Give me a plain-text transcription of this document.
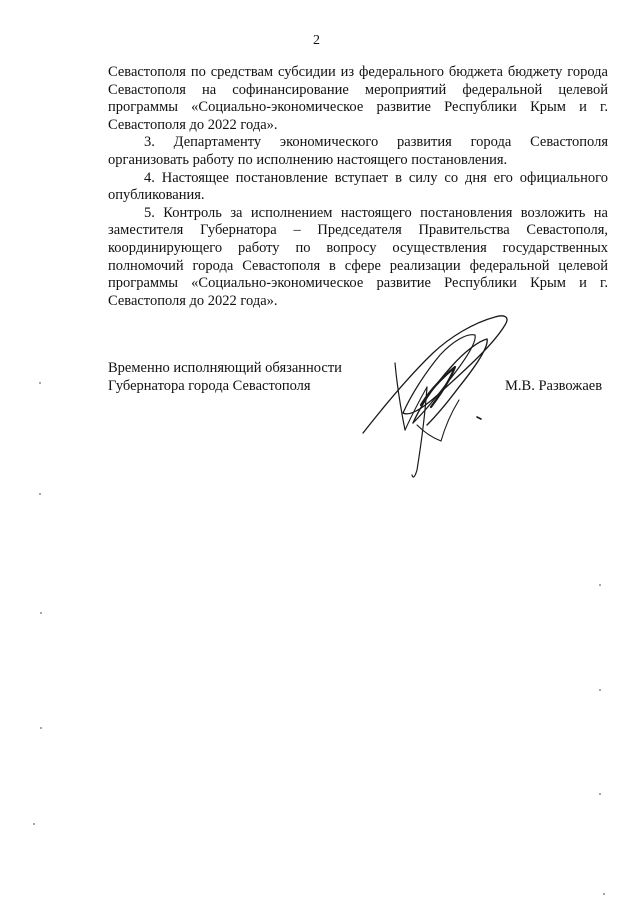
2

Севастополя по средствам субсидии из федерального бюджета бюджету города Севастополя на софинансирование мероприятий федеральной целевой программы «Социально-экономическое развитие Республики Крым и г. Севастополя до 2022 года».

3. Департаменту экономического развития города Севастополя организовать работу по исполнению настоящего постановления.

4. Настоящее постановление вступает в силу со дня его официального опубликования.

5. Контроль за исполнением настоящего постановления возложить на заместителя Губернатора – Председателя Правительства Севастополя, координирующего работу по вопросу осуществления государственных полномочий города Севастополя в сфере реализации федеральной целевой программы «Социально-экономическое развитие Республики Крым и г. Севастополя до 2022 года».

Временно исполняющий обязанности
Губернатора города Севастополя	М.В. Развожаев
